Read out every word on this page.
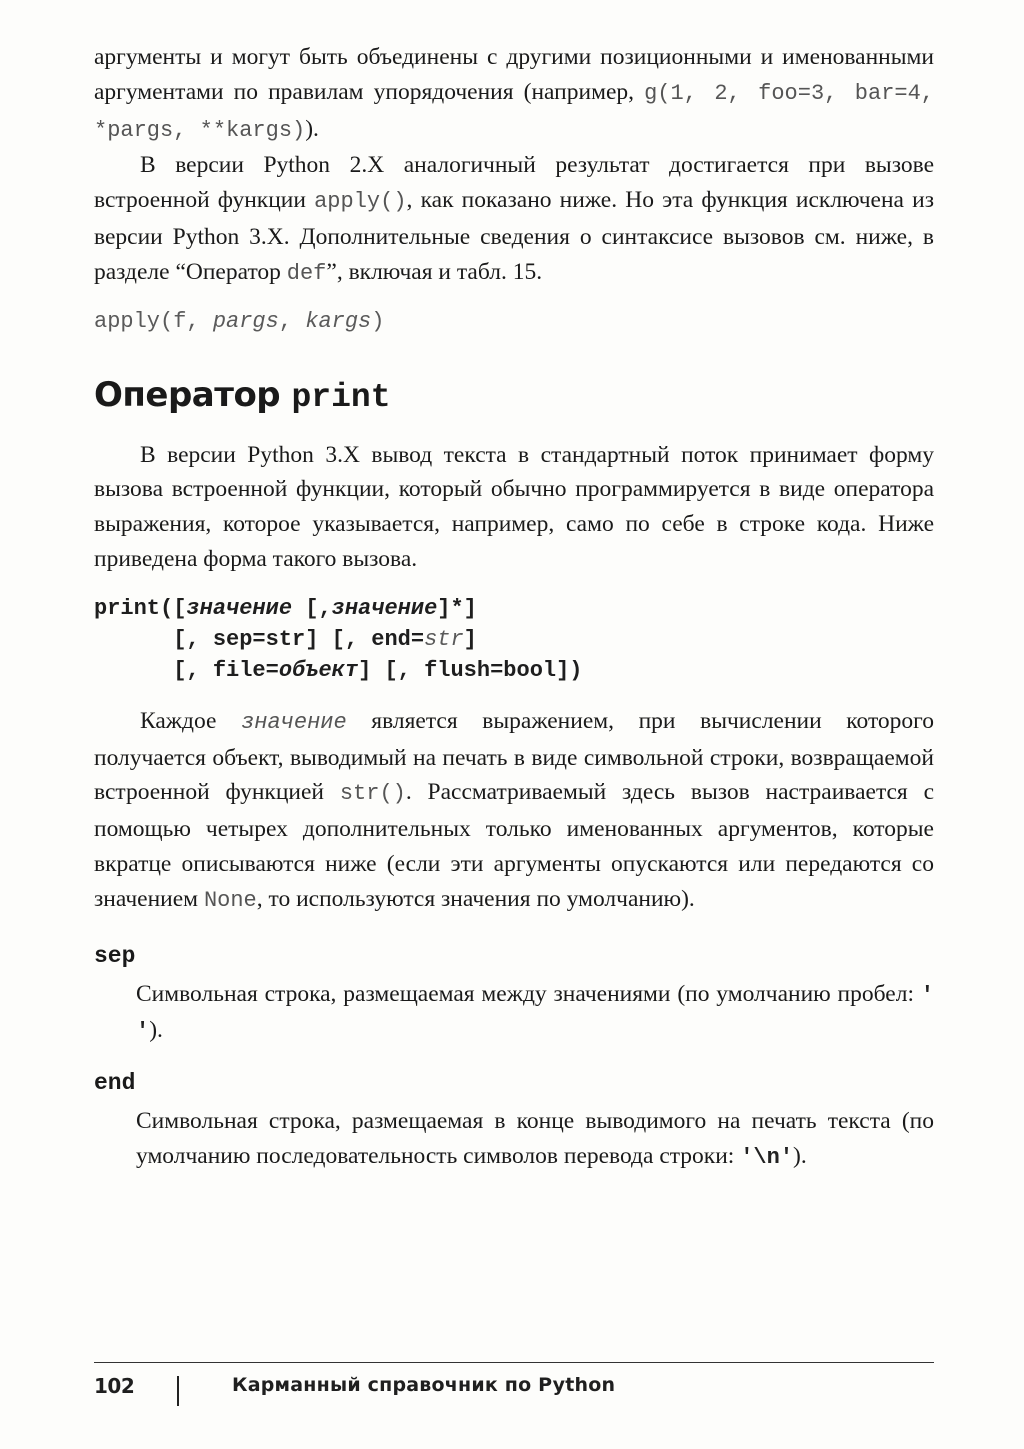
аргументы и могут быть объединены с другими позиционными и именованными аргументами по правилам упорядочения (например, g(1, 2, foo=3, bar=4, *pargs, **kargs)).

В версии Python 2.X аналогичный результат достигается при вызове встроенной функции apply(), как показано ниже. Но эта функция исключена из версии Python 3.X. Дополнительные сведения о синтаксисе вызовов см. ниже, в разделе “Оператор def”, включая и табл. 15.

apply(f, pargs, kargs)
Оператор print

В версии Python 3.X вывод текста в стандартный поток принимает форму вызова встроенной функции, который обычно программируется в виде оператора выражения, которое указывается, например, само по себе в строке кода. Ниже приведена форма такого вызова.

print([значение [,значение]*]
[, sep=str] [, end=str]
[, file=объект] [, flush=bool])

Каждое значение является выражением, при вычислении которого получается объект, выводимый на печать в виде символьной строки, возвращаемой встроенной функцией str(). Рассматриваемый здесь вызов настраивается с помощью четырех дополнительных только именованных аргументов, которые вкратце описываются ниже (если эти аргументы опускаются или передаются со значением None, то используются значения по умолчанию).

sep

Символьная строка, размещаемая между значениями (по умолчанию пробел: ' ').

end

Символьная строка, размещаемая в конце выводимого на печать текста (по умолчанию последовательность символов перевода строки: '\n').

102	Карманный справочник по Python
